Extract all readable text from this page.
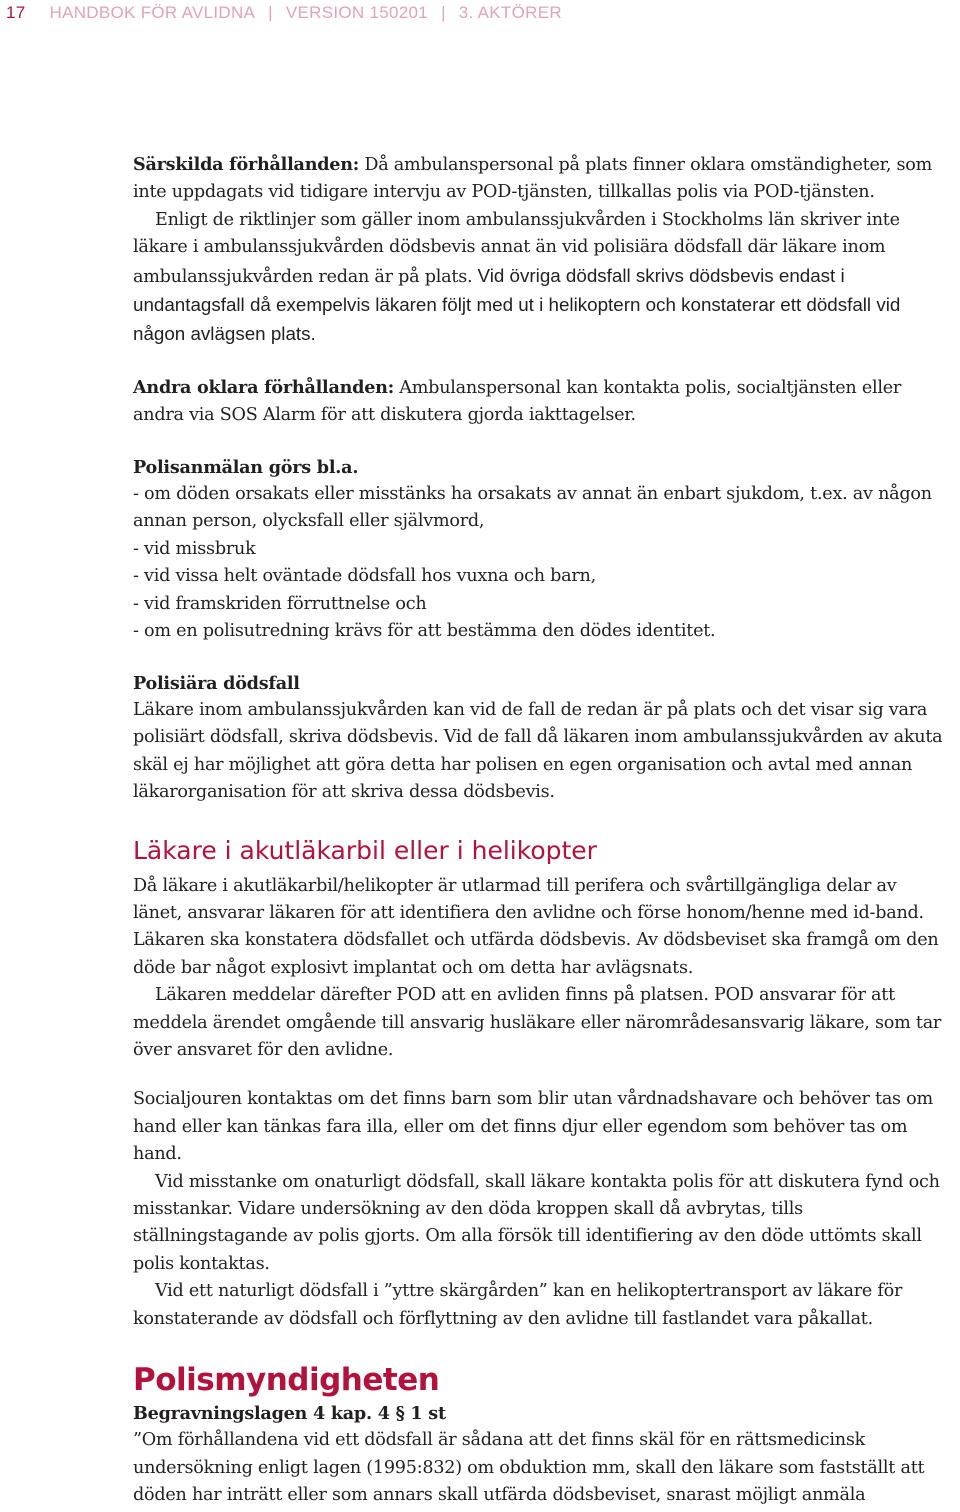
17 HANDBOK FÖR AVLIDNA | VERSION 150201 | 3. AKTÖRER

Särskilda förhållanden: Då ambulanspersonal på plats finner oklara omständigheter, som inte uppdagats vid tidigare intervju av POD-tjänsten, tillkallas polis via POD-tjänsten.

Enligt de riktlinjer som gäller inom ambulanssjukvården i Stockholms län skriver inte läkare i ambulanssjukvården dödsbevis annat än vid polisiära dödsfall där läkare inom ambulanssjukvården redan är på plats. Vid övriga dödsfall skrivs dödsbevis endast i undantagsfall då exempelvis läkaren följt med ut i helikoptern och konstaterar ett dödsfall vid någon avlägsen plats.

Andra oklara förhållanden: Ambulanspersonal kan kontakta polis, socialtjänsten eller andra via SOS Alarm för att diskutera gjorda iakttagelser.

Polisanmälan görs bl.a.

- om döden orsakats eller misstänks ha orsakats av annat än enbart sjukdom, t.ex. av någon annan person, olycksfall eller självmord,

- vid missbruk

- vid vissa helt oväntade dödsfall hos vuxna och barn,

- vid framskriden förruttnelse och

- om en polisutredning krävs för att bestämma den dödes identitet.

Polisiära dödsfall

Läkare inom ambulanssjukvården kan vid de fall de redan är på plats och det visar sig vara polisiärt dödsfall, skriva dödsbevis. Vid de fall då läkaren inom ambulanssjukvården av akuta skäl ej har möjlighet att göra detta har polisen en egen organisation och avtal med annan läkarorganisation för att skriva dessa dödsbevis.

Läkare i akutläkarbil eller i helikopter

Då läkare i akutläkarbil/helikopter är utlarmad till perifera och svårtillgängliga delar av länet, ansvarar läkaren för att identifiera den avlidne och förse honom/henne med id-band. Läkaren ska konstatera dödsfallet och utfärda dödsbevis. Av dödsbeviset ska framgå om den döde bar något explosivt implantat och om detta har avlägsnats.

Läkaren meddelar därefter POD att en avliden finns på platsen. POD ansvarar för att meddela ärendet omgående till ansvarig husläkare eller närområdesansvarig läkare, som tar över ansvaret för den avlidne.

Socialjouren kontaktas om det finns barn som blir utan vårdnadshavare och behöver tas om hand eller kan tänkas fara illa, eller om det finns djur eller egendom som behöver tas om hand.

Vid misstanke om onaturligt dödsfall, skall läkare kontakta polis för att diskutera fynd och misstankar. Vidare undersökning av den döda kroppen skall då avbrytas, tills ställningstagande av polis gjorts. Om alla försök till identifiering av den döde uttömts skall polis kontaktas.

Vid ett naturligt dödsfall i ”yttre skärgården” kan en helikoptertransport av läkare för konstaterande av dödsfall och förflyttning av den avlidne till fastlandet vara påkallat.

Polismyndigheten

Begravningslagen 4 kap. 4 § 1 st

”Om förhållandena vid ett dödsfall är sådana att det finns skäl för en rättsmedicinsk undersökning enligt lagen (1995:832) om obduktion mm, skall den läkare som fastställt att döden har inträtt eller som annars skall utfärda dödsbeviset, snarast möjligt anmäla
